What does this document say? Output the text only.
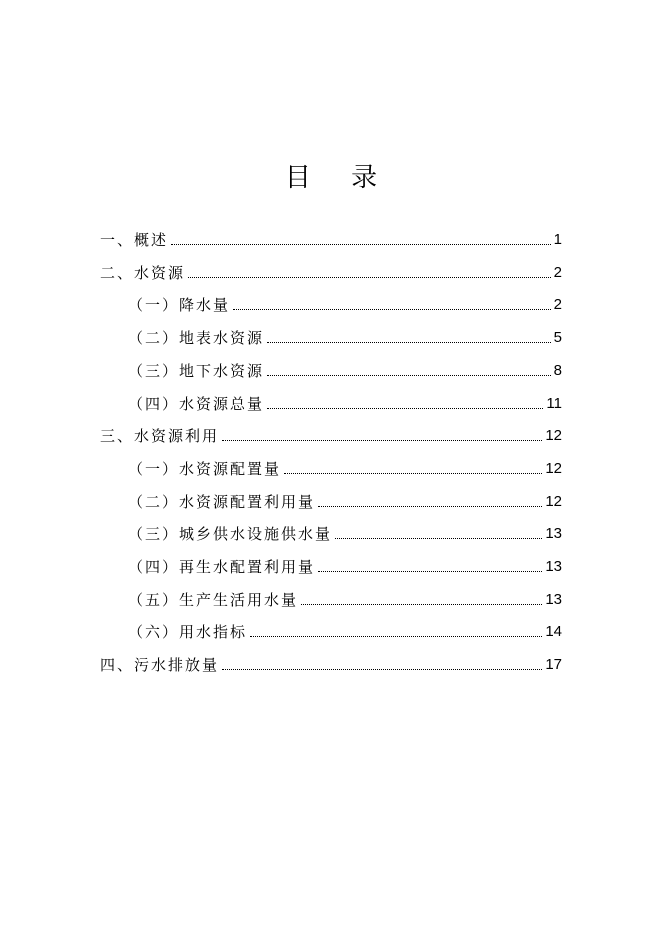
目 录
一、概述	1
二、水资源	2
（一）降水量	2
（二）地表水资源	5
（三）地下水资源	8
（四）水资源总量	11
三、水资源利用	12
（一）水资源配置量	12
（二）水资源配置利用量	12
（三）城乡供水设施供水量	13
（四）再生水配置利用量	13
（五）生产生活用水量	13
（六）用水指标	14
四、污水排放量	17
